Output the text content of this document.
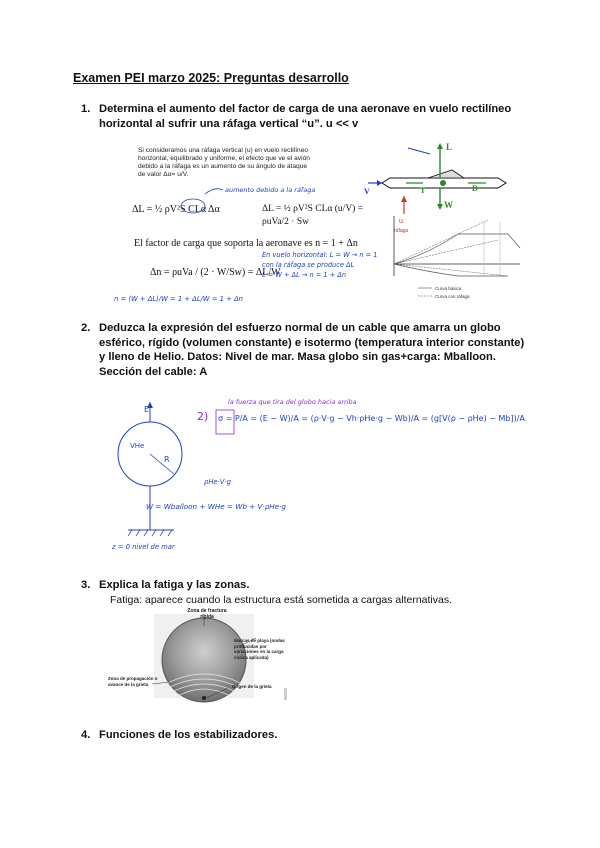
Examen PEI marzo 2025: Preguntas desarrollo
1. Determina el aumento del factor de carga de una aeronave en vuelo rectilíneo
horizontal al sufrir una ráfaga vertical “u”. u << v
Si consideramos una ráfaga vertical (u) en vuelo rectilíneo
horizontal, equilibrado y uniforme, el efecto que ve el avión
debido a la ráfaga es un aumento de su ángulo de ataque
de valor Δα= u/V.
L
W
D
T
V
u
ráfaga
aumento debido a la ráfaga
ΔL = ½ ρV²S CLα Δα	ΔL = ½ ρV²S CLα (u/V) = ρuVa/2 · Sw
El factor de carga que soporta la aeronave es n = 1 + Δn
Δn = ρuVa / (2 · W/Sw) = ΔL/W
En vuelo horizontal: L = W → n = 1
con la ráfaga se produce ΔL
L = W + ΔL → n = 1 + Δn
n = (W + ΔL)/W = 1 + ΔL/W = 1 + Δn
Curva básica
Curva con ráfaga
2. Deduzca la expresión del esfuerzo normal de un cable que amarra un globo
esférico, rígido (volumen constante) e isotermo (temperatura interior constante)
y lleno de Helio. Datos: Nivel de mar. Masa globo sin gas+carga: Mballoon.
Sección del cable: A
E
R
VHe
z = 0 nivel de mar
la fuerza que tira del globo hacia arriba
2) σ = P/A = (E − W)/A = (ρ·V·g − Vh·ρHe·g − Wb)/A = (g[V(ρ − ρHe) − Mb])/A
ρHe·V·g
W = Wballoon + WHe = Wb + V·ρHe·g
3. Explica la fatiga y las zonas.
Fatiga: aparece cuando la estructura está sometida a cargas alternativas.
Zona de fractura rígida
Marcas de playa (ondas producidas por variaciones en la carga cíclica aplicada)
Zona de propagación o avance de la grieta	Origen de la grieta
4. Funciones de los estabilizadores.
